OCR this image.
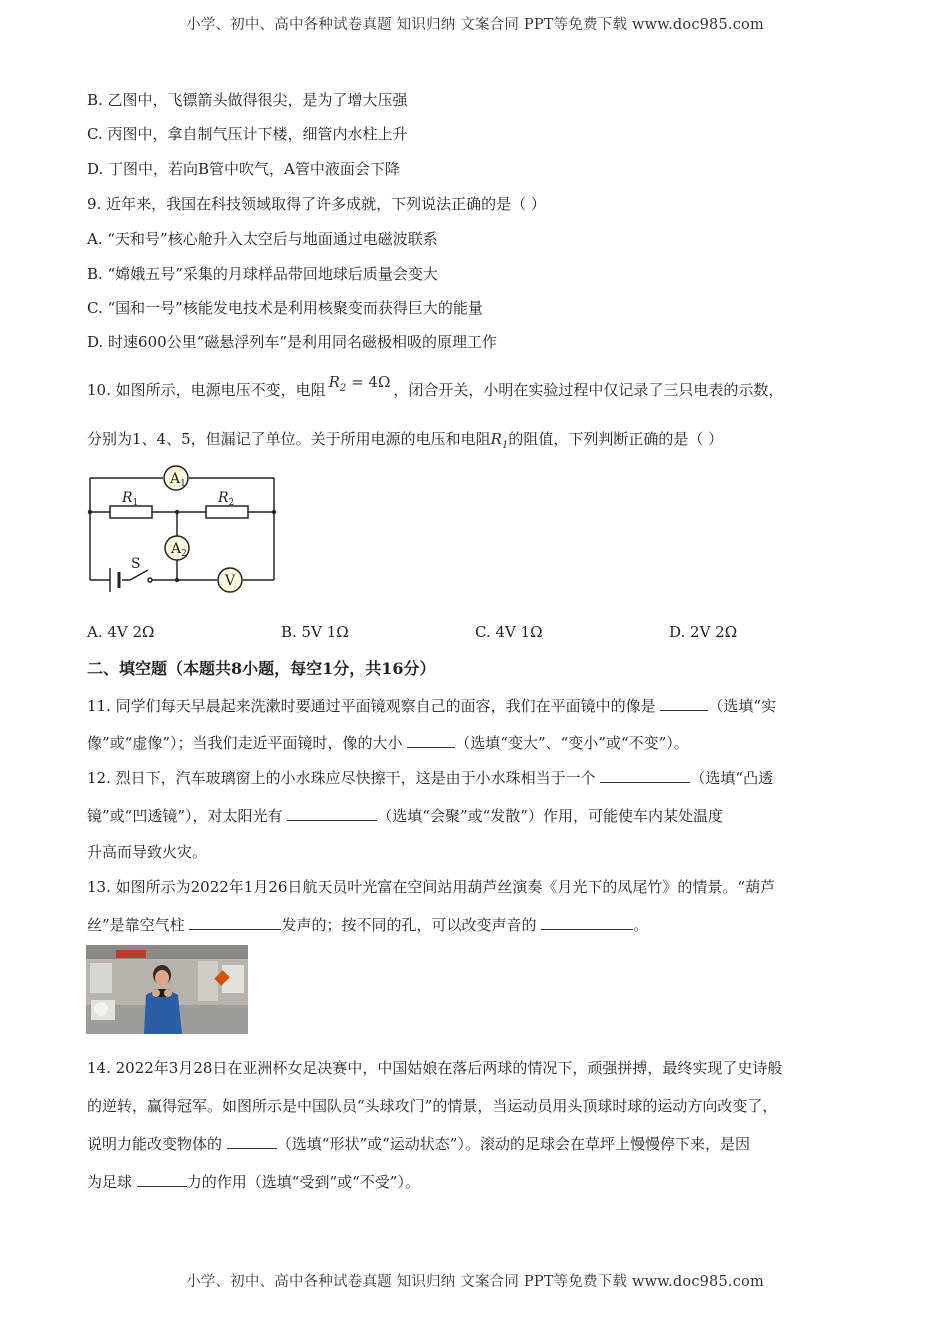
小学、初中、高中各种试卷真题 知识归纳 文案合同 PPT等免费下载 www.doc985.com
B. 乙图中，飞镖箭头做得很尖，是为了增大压强
C. 丙图中，拿自制气压计下楼，细管内水柱上升
D. 丁图中，若向B管中吹气，A管中液面会下降
9. 近年来，我国在科技领域取得了许多成就，下列说法正确的是（ ）
A. “天和号”核心舱升入太空后与地面通过电磁波联系
B. “嫦娥五号”采集的月球样品带回地球后质量会变大
C. “国和一号”核能发电技术是利用核聚变而获得巨大的能量
D. 时速600公里“磁悬浮列车”是利用同名磁极相吸的原理工作
10. 如图所示，电源电压不变，电阻 $R_2 = 4\Omega$ ，闭合开关，小明在实验过程中仅记录了三只电表的示数，
分别为1、4、5，但漏记了单位。关于所用电源的电压和电阻$R_1$的阻值，下列判断正确的是（ ）
$A_1$
$A_2$
V
$R_1$	$R_2$
S
A. 4V 2Ω	B. 5V 1Ω	C. 4V 1Ω	D. 2V 2Ω
二、填空题（本题共8小题，每空1分，共16分）
11. 同学们每天早晨起来洗漱时要通过平面镜观察自己的面容，我们在平面镜中的像是	（选填“实
像”或“虚像”）；当我们走近平面镜时，像的大小	（选填“变大”、“变小”或“不变”）。
12. 烈日下，汽车玻璃窗上的小水珠应尽快擦干，这是由于小水珠相当于一个	（选填“凸透
镜”或“凹透镜”），对太阳光有	（选填“会聚”或“发散”）作用，可能使车内某处温度
升高而导致火灾。
13. 如图所示为2022年1月26日航天员叶光富在空间站用葫芦丝演奏《月光下的凤尾竹》的情景。“葫芦
丝”是靠空气柱	发声的；按不同的孔，可以改变声音的	。
14. 2022年3月28日在亚洲杯女足决赛中，中国姑娘在落后两球的情况下，顽强拼搏，最终实现了史诗般
的逆转，赢得冠军。如图所示是中国队员“头球攻门”的情景，当运动员用头顶球时球的运动方向改变了，
说明力能改变物体的	（选填“形状”或“运动状态”）。滚动的足球会在草坪上慢慢停下来，是因
为足球	力的作用（选填“受到”或“不受”）。
小学、初中、高中各种试卷真题 知识归纳 文案合同 PPT等免费下载 www.doc985.com
